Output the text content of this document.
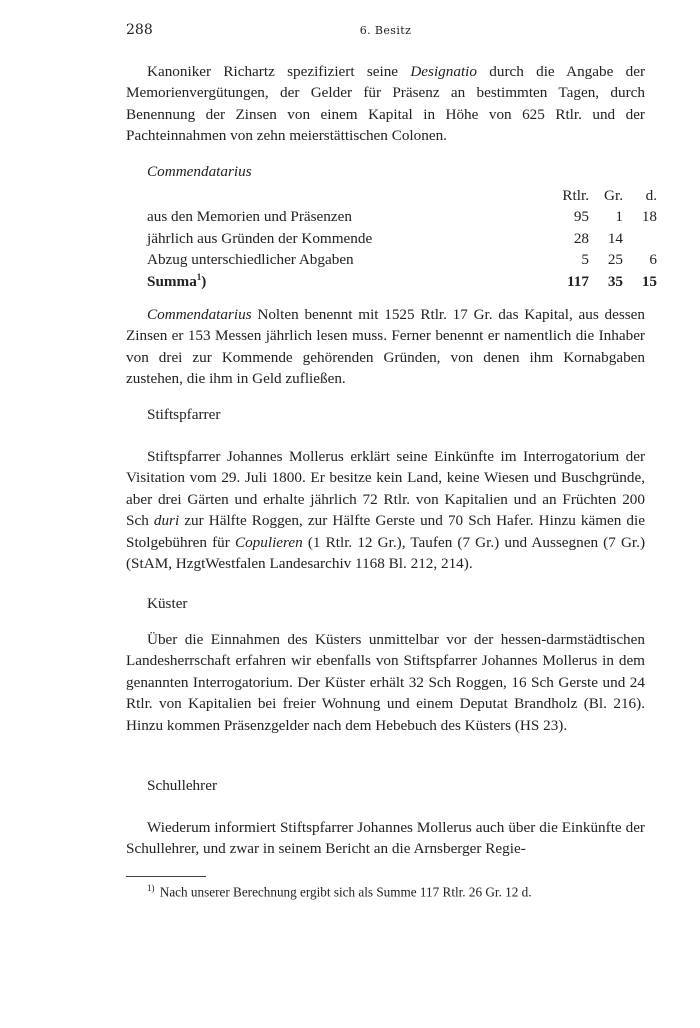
288	6. Besitz

Kanoniker Richartz spezifiziert seine Designatio durch die Angabe der Memorienvergütungen, der Gelder für Präsenz an bestimmten Tagen, durch Benennung der Zinsen von einem Kapital in Höhe von 625 Rtlr. und der Pachteinnahmen von zehn meierstättischen Colonen.

Commendatarius
	Rtlr.	Gr.	d.
aus den Memorien und Präsenzen	95	1	18
jährlich aus Gründen der Kommende	28	14	
Abzug unterschiedlicher Abgaben	5	25	6
Summa$^1$)	117	35	15

Commendatarius Nolten benennt mit 1525 Rtlr. 17 Gr. das Kapital, aus dessen Zinsen er 153 Messen jährlich lesen muss. Ferner benennt er namentlich die Inhaber von drei zur Kommende gehörenden Gründen, von denen ihm Kornabgaben zustehen, die ihm in Geld zufließen.

Stiftspfarrer

Stiftspfarrer Johannes Mollerus erklärt seine Einkünfte im Interrogatorium der Visitation vom 29. Juli 1800. Er besitze kein Land, keine Wiesen und Buschgründe, aber drei Gärten und erhalte jährlich 72 Rtlr. von Kapitalien und an Früchten 200 Sch duri zur Hälfte Roggen, zur Hälfte Gerste und 70 Sch Hafer. Hinzu kämen die Stolgebühren für Copulieren (1 Rtlr. 12 Gr.), Taufen (7 Gr.) und Aussegnen (7 Gr.) (StAM, HzgtWestfalen Landesarchiv 1168 Bl. 212, 214).

Küster

Über die Einnahmen des Küsters unmittelbar vor der hessen-darmstädtischen Landesherrschaft erfahren wir ebenfalls von Stiftspfarrer Johannes Mollerus in dem genannten Interrogatorium. Der Küster erhält 32 Sch Roggen, 16 Sch Gerste und 24 Rtlr. von Kapitalien bei freier Wohnung und einem Deputat Brandholz (Bl. 216). Hinzu kommen Präsenzgelder nach dem Hebebuch des Küsters (HS 23).

Schullehrer

Wiederum informiert Stiftspfarrer Johannes Mollerus auch über die Einkünfte der Schullehrer, und zwar in seinem Bericht an die Arnsberger Regie-

$^{1)}$ Nach unserer Berechnung ergibt sich als Summe 117 Rtlr. 26 Gr. 12 d.
